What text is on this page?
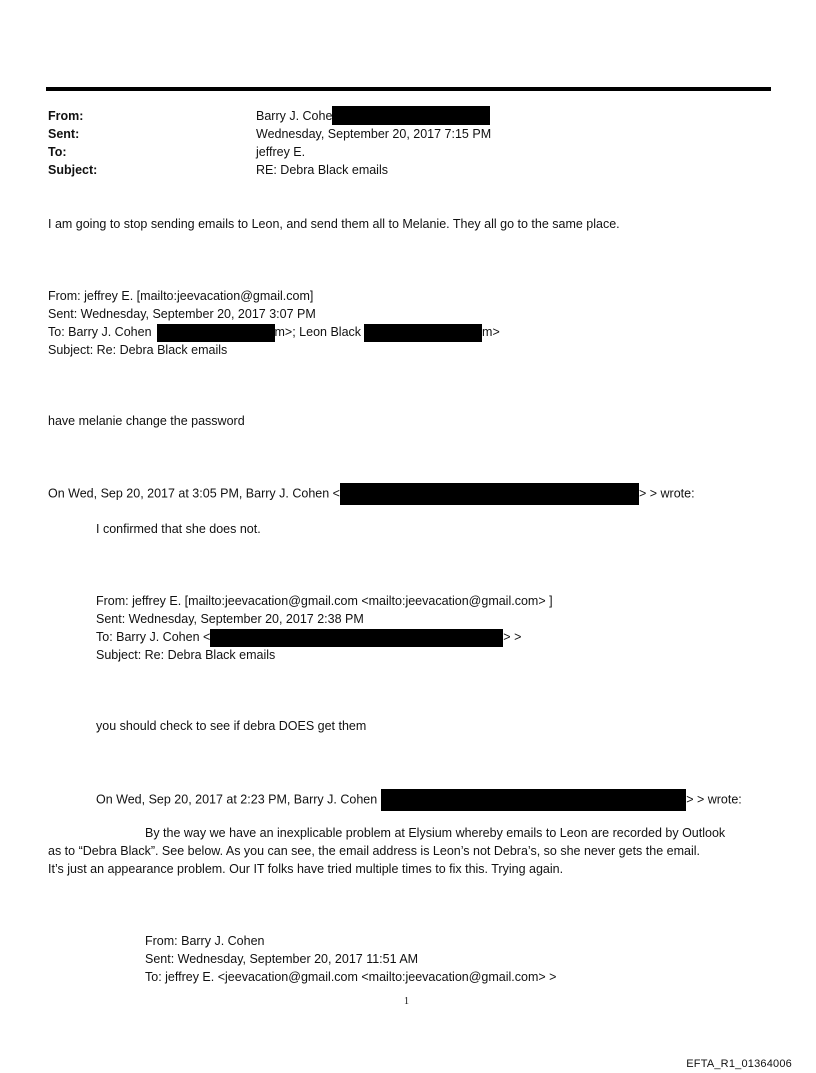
From:	Barry J. Cohe
Sent:	Wednesday, September 20, 2017 7:15 PM
To:	jeffrey E.
Subject:	RE: Debra Black emails
I am going to stop sending emails to Leon, and send them all to Melanie. They all go to the same place.
From: jeffrey E. [mailto:jeevacation@gmail.com]
Sent: Wednesday, September 20, 2017 3:07 PM
To: Barry J. Cohen	m>; Leon Black	m>
Subject: Re: Debra Black emails
have melanie change the password
On Wed, Sep 20, 2017 at 3:05 PM, Barry J. Cohen <	> > wrote:
I confirmed that she does not.
From: jeffrey E. [mailto:jeevacation@gmail.com <mailto:jeevacation@gmail.com> ]
Sent: Wednesday, September 20, 2017 2:38 PM
To: Barry J. Cohen <	> >
Subject: Re: Debra Black emails
you should check to see if debra DOES get them
On Wed, Sep 20, 2017 at 2:23 PM, Barry J. Cohen	> > wrote:
By the way we have an inexplicable problem at Elysium whereby emails to Leon are recorded by Outlook
as to “Debra Black”. See below. As you can see, the email address is Leon’s not Debra’s, so she never gets the email.
It’s just an appearance problem. Our IT folks have tried multiple times to fix this. Trying again.
From: Barry J. Cohen
Sent: Wednesday, September 20, 2017 11:51 AM
To: jeffrey E. <jeevacation@gmail.com <mailto:jeevacation@gmail.com> >
1
EFTA_R1_01364006
